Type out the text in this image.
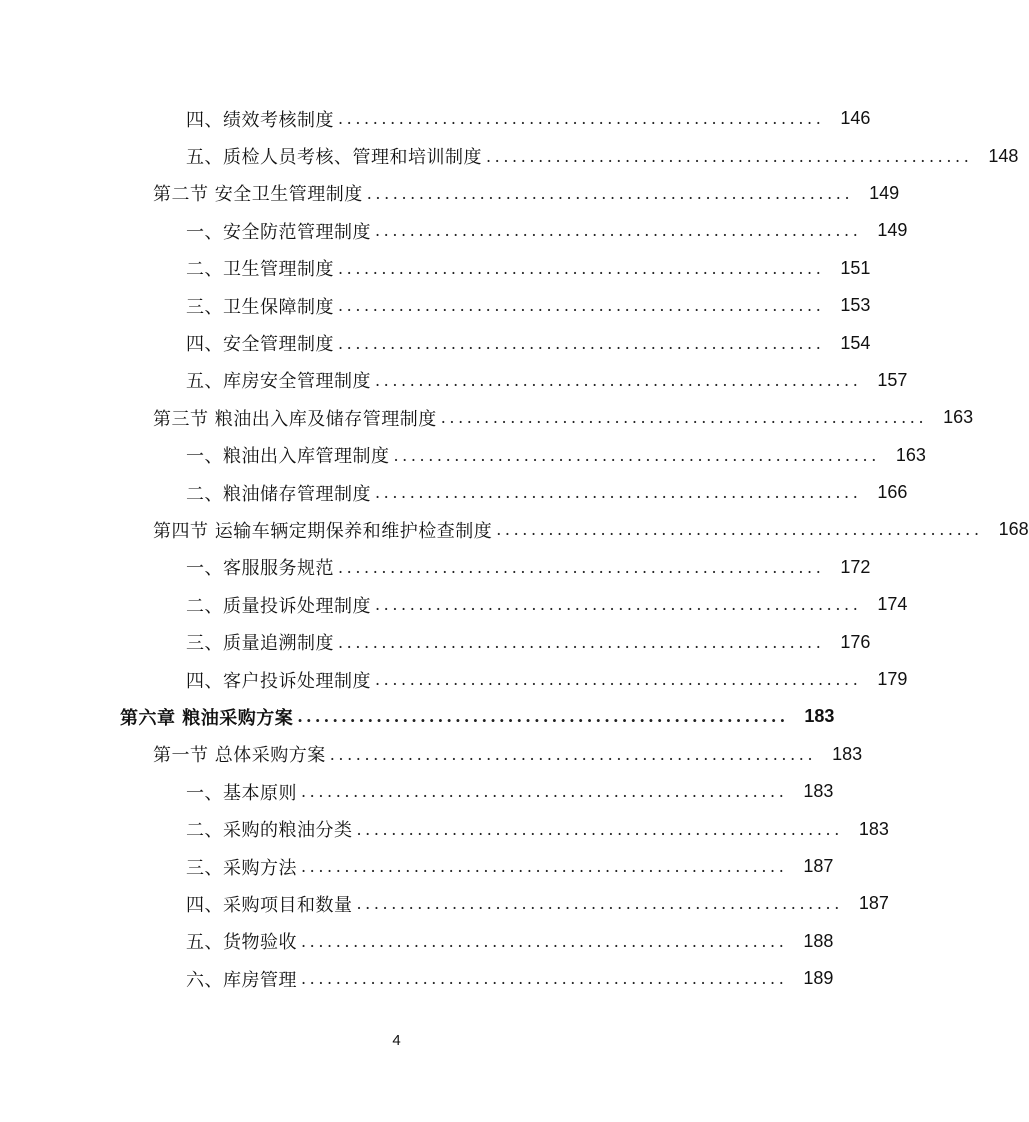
四、绩效考核制度 ........................................................ 146
五、质检人员考核、管理和培训制度 ........................................................ 148
第二节 安全卫生管理制度 ........................................................ 149
一、安全防范管理制度 ........................................................ 149
二、卫生管理制度 ........................................................ 151
三、卫生保障制度 ........................................................ 153
四、安全管理制度 ........................................................ 154
五、库房安全管理制度 ........................................................ 157
第三节 粮油出入库及储存管理制度 ........................................................ 163
一、粮油出入库管理制度 ........................................................ 163
二、粮油储存管理制度 ........................................................ 166
第四节 运输车辆定期保养和维护检查制度 ........................................................ 168
一、客服服务规范 ........................................................ 172
二、质量投诉处理制度 ........................................................ 174
三、质量追溯制度 ........................................................ 176
四、客户投诉处理制度 ........................................................ 179
第六章 粮油采购方案 ........................................................ 183
第一节 总体采购方案 ........................................................ 183
一、基本原则 ........................................................ 183
二、采购的粮油分类 ........................................................ 183
三、采购方法 ........................................................ 187
四、采购项目和数量 ........................................................ 187
五、货物验收 ........................................................ 188
六、库房管理 ........................................................ 189
4
